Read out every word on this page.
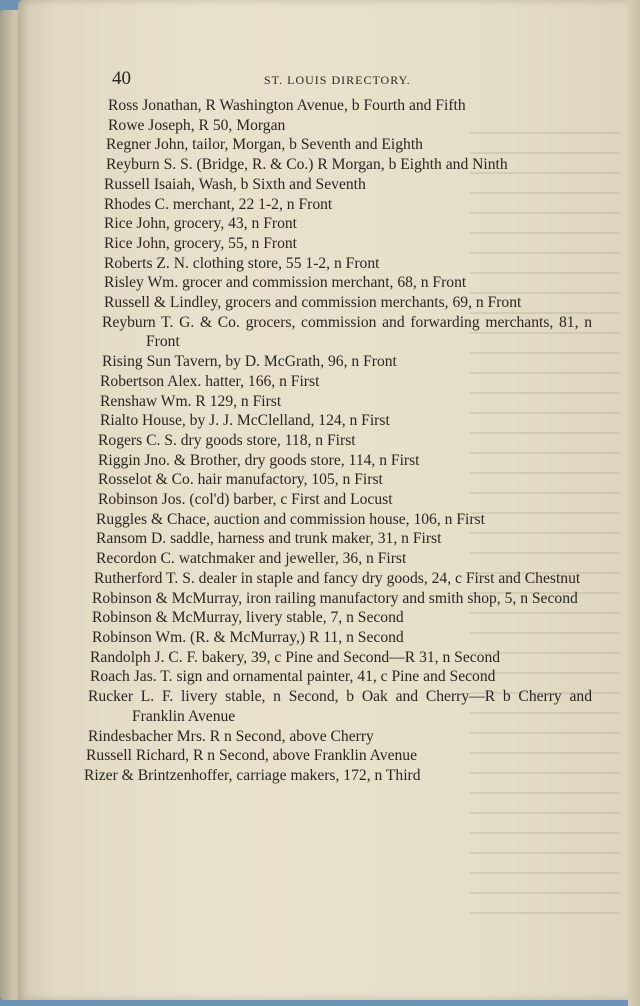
40	ST. LOUIS DIRECTORY.
Ross Jonathan, R Washington Avenue, b Fourth and Fifth
Rowe Joseph, R 50, Morgan
Regner John, tailor, Morgan, b Seventh and Eighth
Reyburn S. S. (Bridge, R. & Co.) R Morgan, b Eighth and Ninth
Russell Isaiah, Wash, b Sixth and Seventh
Rhodes C. merchant, 22 1-2, n Front
Rice John, grocery, 43, n Front
Rice John, grocery, 55, n Front
Roberts Z. N. clothing store, 55 1-2, n Front
Risley Wm. grocer and commission merchant, 68, n Front
Russell & Lindley, grocers and commission merchants, 69, n Front
Reyburn T. G. & Co. grocers, commission and forwarding merchants, 81, n Front
Rising Sun Tavern, by D. McGrath, 96, n Front
Robertson Alex. hatter, 166, n First
Renshaw Wm. R 129, n First
Rialto House, by J. J. McClelland, 124, n First
Rogers C. S. dry goods store, 118, n First
Riggin Jno. & Brother, dry goods store, 114, n First
Rosselot & Co. hair manufactory, 105, n First
Robinson Jos. (col'd) barber, c First and Locust
Ruggles & Chace, auction and commission house, 106, n First
Ransom D. saddle, harness and trunk maker, 31, n First
Recordon C. watchmaker and jeweller, 36, n First
Rutherford T. S. dealer in staple and fancy dry goods, 24, c First and Chestnut
Robinson & McMurray, iron railing manufactory and smith shop, 5, n Second
Robinson & McMurray, livery stable, 7, n Second
Robinson Wm. (R. & McMurray,) R 11, n Second
Randolph J. C. F. bakery, 39, c Pine and Second—R 31, n Second
Roach Jas. T. sign and ornamental painter, 41, c Pine and Second
Rucker L. F. livery stable, n Second, b Oak and Cherry—R b Cherry and Franklin Avenue
Rindesbacher Mrs. R n Second, above Cherry
Russell Richard, R n Second, above Franklin Avenue
Rizer & Brintzenhoffer, carriage makers, 172, n Third
